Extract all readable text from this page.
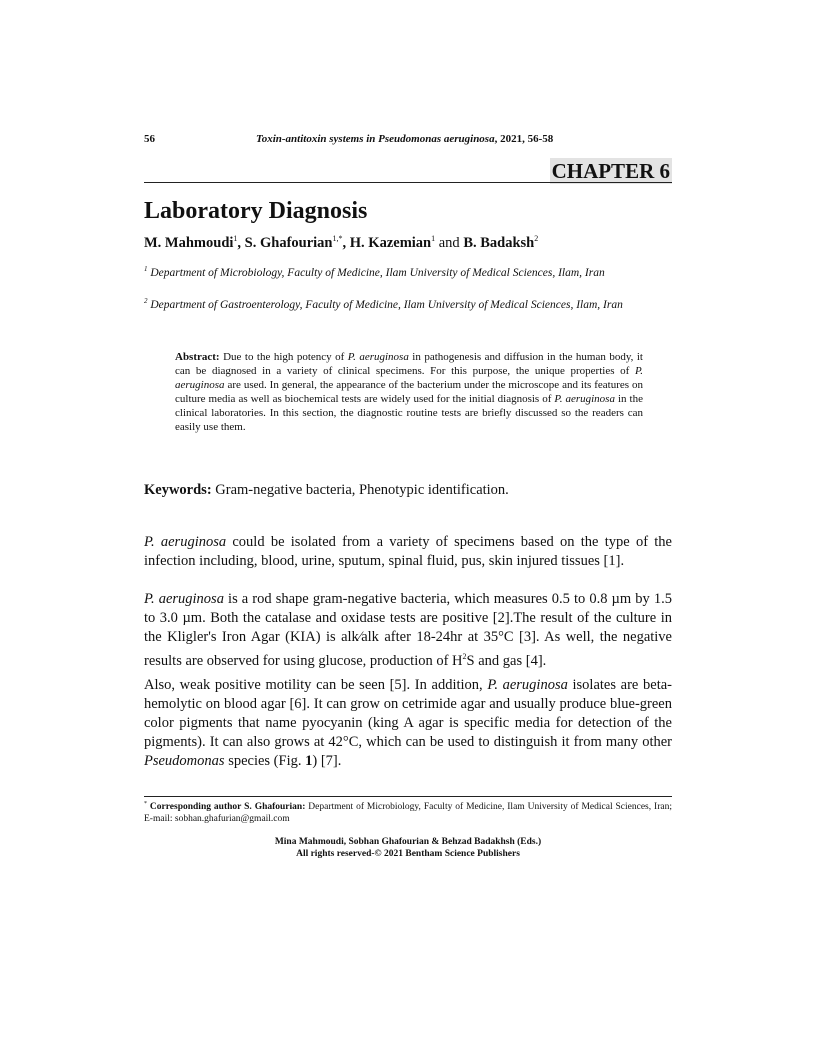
56	Toxin-antitoxin systems in Pseudomonas aeruginosa, 2021, 56-58
CHAPTER 6
Laboratory Diagnosis
M. Mahmoudi$^1$, S. Ghafourian$^{1,*}$, H. Kazemian$^1$ and B. Badaksh$^2$
$^1$ Department of Microbiology, Faculty of Medicine, Ilam University of Medical Sciences, Ilam, Iran
$^2$ Department of Gastroenterology, Faculty of Medicine, Ilam University of Medical Sciences, Ilam, Iran
Abstract: Due to the high potency of P. aeruginosa in pathogenesis and diffusion in the human body, it can be diagnosed in a variety of clinical specimens. For this purpose, the unique properties of P. aeruginosa are used. In general, the appearance of the bacterium under the microscope and its features on culture media as well as biochemical tests are widely used for the initial diagnosis of P. aeruginosa in the clinical laboratories. In this section, the diagnostic routine tests are briefly discussed so the readers can easily use them.
Keywords: Gram-negative bacteria, Phenotypic identification.
P. aeruginosa could be isolated from a variety of specimens based on the type of the infection including, blood, urine, sputum, spinal fluid, pus, skin injured tissues [1].
P. aeruginosa is a rod shape gram-negative bacteria, which measures 0.5 to 0.8 µm by 1.5 to 3.0 µm. Both the catalase and oxidase tests are positive [2].The result of the culture in the Kligler's Iron Agar (KIA) is alk⁄alk after 18-24hr at 35°C [3]. As well, the negative results are observed for using glucose, production of $H^2S$ and gas [4].
Also, weak positive motility can be seen [5]. In addition, P. aeruginosa isolates are beta-hemolytic on blood agar [6]. It can grow on cetrimide agar and usually produce blue-green color pigments that name pyocyanin (king A agar is specific media for detection of the pigments). It can also grows at 42°C, which can be used to distinguish it from many other Pseudomonas species (Fig. 1) [7].
* Corresponding author S. Ghafourian: Department of Microbiology, Faculty of Medicine, Ilam University of Medical Sciences, Iran; E-mail: sobhan.ghafurian@gmail.com
Mina Mahmoudi, Sobhan Ghafourian & Behzad Badakhsh (Eds.)
All rights reserved-© 2021 Bentham Science Publishers
